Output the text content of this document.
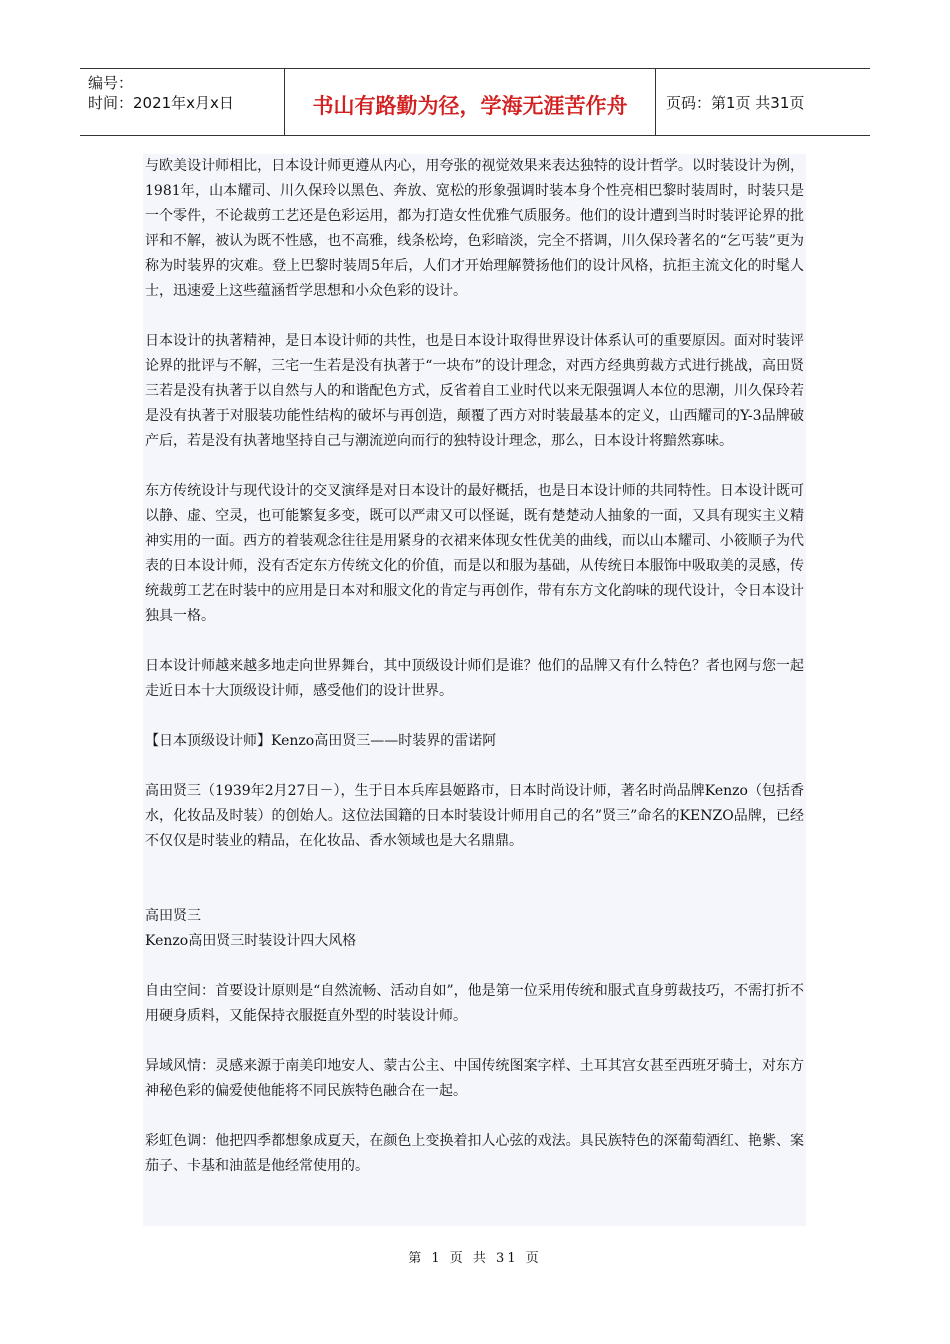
编号：
时间：2021年x月x日	书山有路勤为径，学海无涯苦作舟	页码：第1页 共31页

与欧美设计师相比，日本设计师更遵从内心，用夸张的视觉效果来表达独特的设计哲学。以时装设计为例，1981年，山本耀司、川久保玲以黑色、奔放、宽松的形象强调时装本身个性亮相巴黎时装周时，时装只是一个零件，不论裁剪工艺还是色彩运用，都为打造女性优雅气质服务。他们的设计遭到当时时装评论界的批评和不解，被认为既不性感，也不高雅，线条松垮，色彩暗淡，完全不搭调，川久保玲著名的“乞丐装”更为称为时装界的灾难。登上巴黎时装周5年后，人们才开始理解赞扬他们的设计风格，抗拒主流文化的时髦人士，迅速爱上这些蕴涵哲学思想和小众色彩的设计。

日本设计的执著精神，是日本设计师的共性，也是日本设计取得世界设计体系认可的重要原因。面对时装评论界的批评与不解，三宅一生若是没有执著于“一块布”的设计理念，对西方经典剪裁方式进行挑战，高田贤三若是没有执著于以自然与人的和谐配色方式，反省着自工业时代以来无限强调人本位的思潮，川久保玲若是没有执著于对服装功能性结构的破坏与再创造，颠覆了西方对时装最基本的定义，山西耀司的Y-3品牌破产后，若是没有执著地坚持自己与潮流逆向而行的独特设计理念，那么，日本设计将黯然寡味。

东方传统设计与现代设计的交叉演绎是对日本设计的最好概括，也是日本设计师的共同特性。日本设计既可以静、虚、空灵，也可能繁复多变，既可以严肃又可以怪诞，既有楚楚动人抽象的一面，又具有现实主义精神实用的一面。西方的着装观念往往是用紧身的衣裙来体现女性优美的曲线，而以山本耀司、小筱顺子为代表的日本设计师，没有否定东方传统文化的价值，而是以和服为基础，从传统日本服饰中吸取美的灵感，传统裁剪工艺在时装中的应用是日本对和服文化的肯定与再创作，带有东方文化韵味的现代设计，令日本设计独具一格。

日本设计师越来越多地走向世界舞台，其中顶级设计师们是谁？他们的品牌又有什么特色？者也网与您一起走近日本十大顶级设计师，感受他们的设计世界。

【日本顶级设计师】Kenzo高田贤三——时装界的雷诺阿

高田贤三（1939年2月27日－），生于日本兵库县姬路市，日本时尚设计师，著名时尚品牌Kenzo（包括香水，化妆品及时装）的创始人。这位法国籍的日本时装设计师用自己的名”贤三”命名的KENZO品牌，已经不仅仅是时装业的精品，在化妆品、香水领域也是大名鼎鼎。

高田贤三

Kenzo高田贤三时装设计四大风格

自由空间：首要设计原则是“自然流畅、活动自如”，他是第一位采用传统和服式直身剪裁技巧，不需打折不用硬身质料，又能保持衣服挺直外型的时装设计师。

异域风情：灵感来源于南美印地安人、蒙古公主、中国传统图案字样、土耳其宫女甚至西班牙骑士，对东方神秘色彩的偏爱使他能将不同民族特色融合在一起。

彩虹色调：他把四季都想象成夏天，在颜色上变换着扣人心弦的戏法。具民族特色的深葡萄酒红、艳紫、案茄子、卡基和油蓝是他经常使用的。

第 1 页 共 31 页
